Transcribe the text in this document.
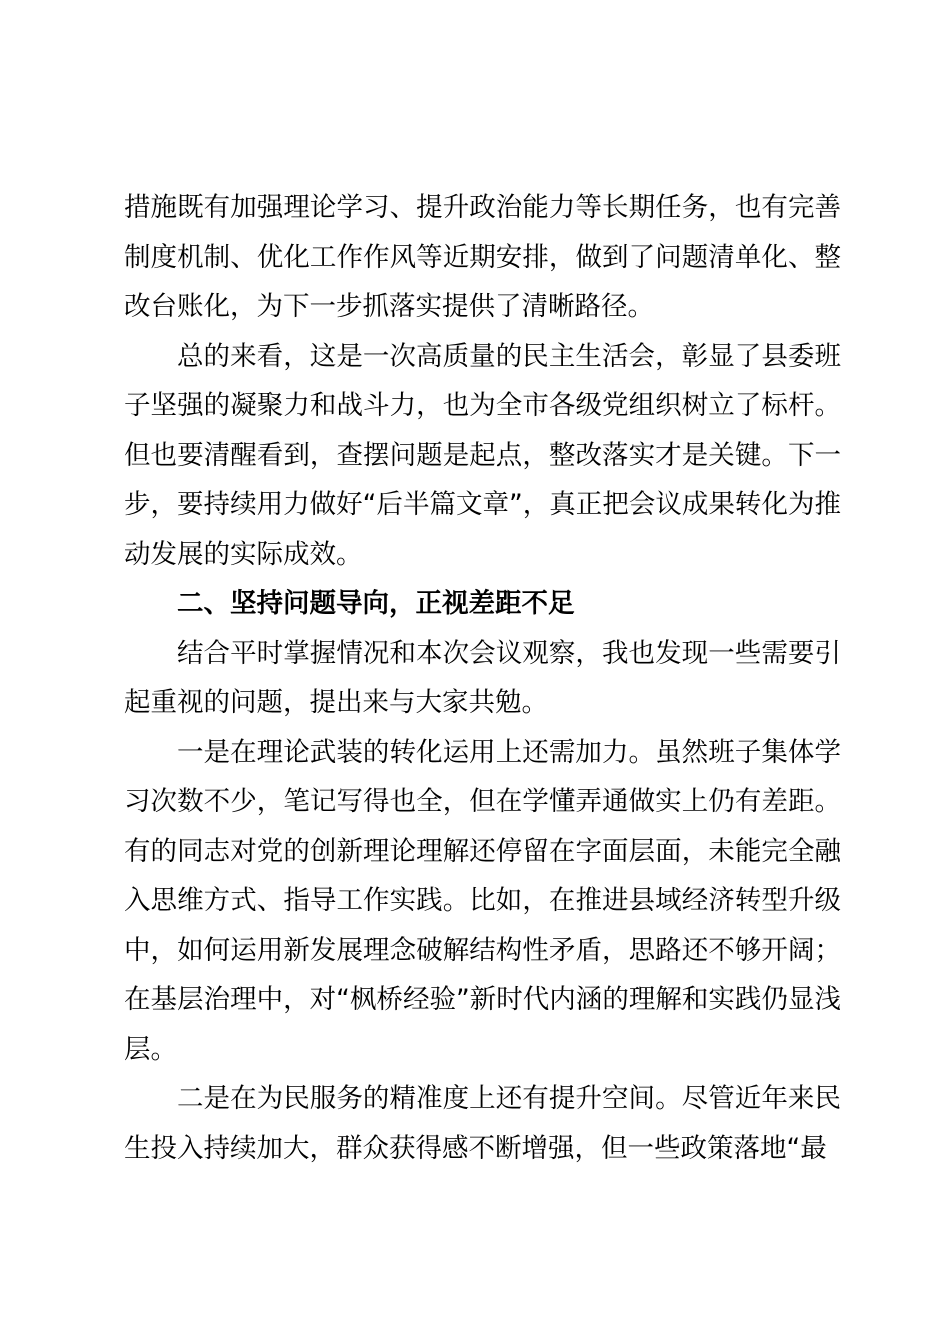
措施既有加强理论学习、提升政治能力等长期任务，也有完善制度机制、优化工作作风等近期安排，做到了问题清单化、整改台账化，为下一步抓落实提供了清晰路径。

总的来看，这是一次高质量的民主生活会，彰显了县委班子坚强的凝聚力和战斗力，也为全市各级党组织树立了标杆。但也要清醒看到，查摆问题是起点，整改落实才是关键。下一步，要持续用力做好“后半篇文章”，真正把会议成果转化为推动发展的实际成效。

二、坚持问题导向，正视差距不足

结合平时掌握情况和本次会议观察，我也发现一些需要引起重视的问题，提出来与大家共勉。

一是在理论武装的转化运用上还需加力。虽然班子集体学习次数不少，笔记写得也全，但在学懂弄通做实上仍有差距。有的同志对党的创新理论理解还停留在字面层面，未能完全融入思维方式、指导工作实践。比如，在推进县域经济转型升级中，如何运用新发展理念破解结构性矛盾，思路还不够开阔；在基层治理中，对“枫桥经验”新时代内涵的理解和实践仍显浅层。

二是在为民服务的精准度上还有提升空间。尽管近年来民生投入持续加大，群众获得感不断增强，但一些政策落地“最
